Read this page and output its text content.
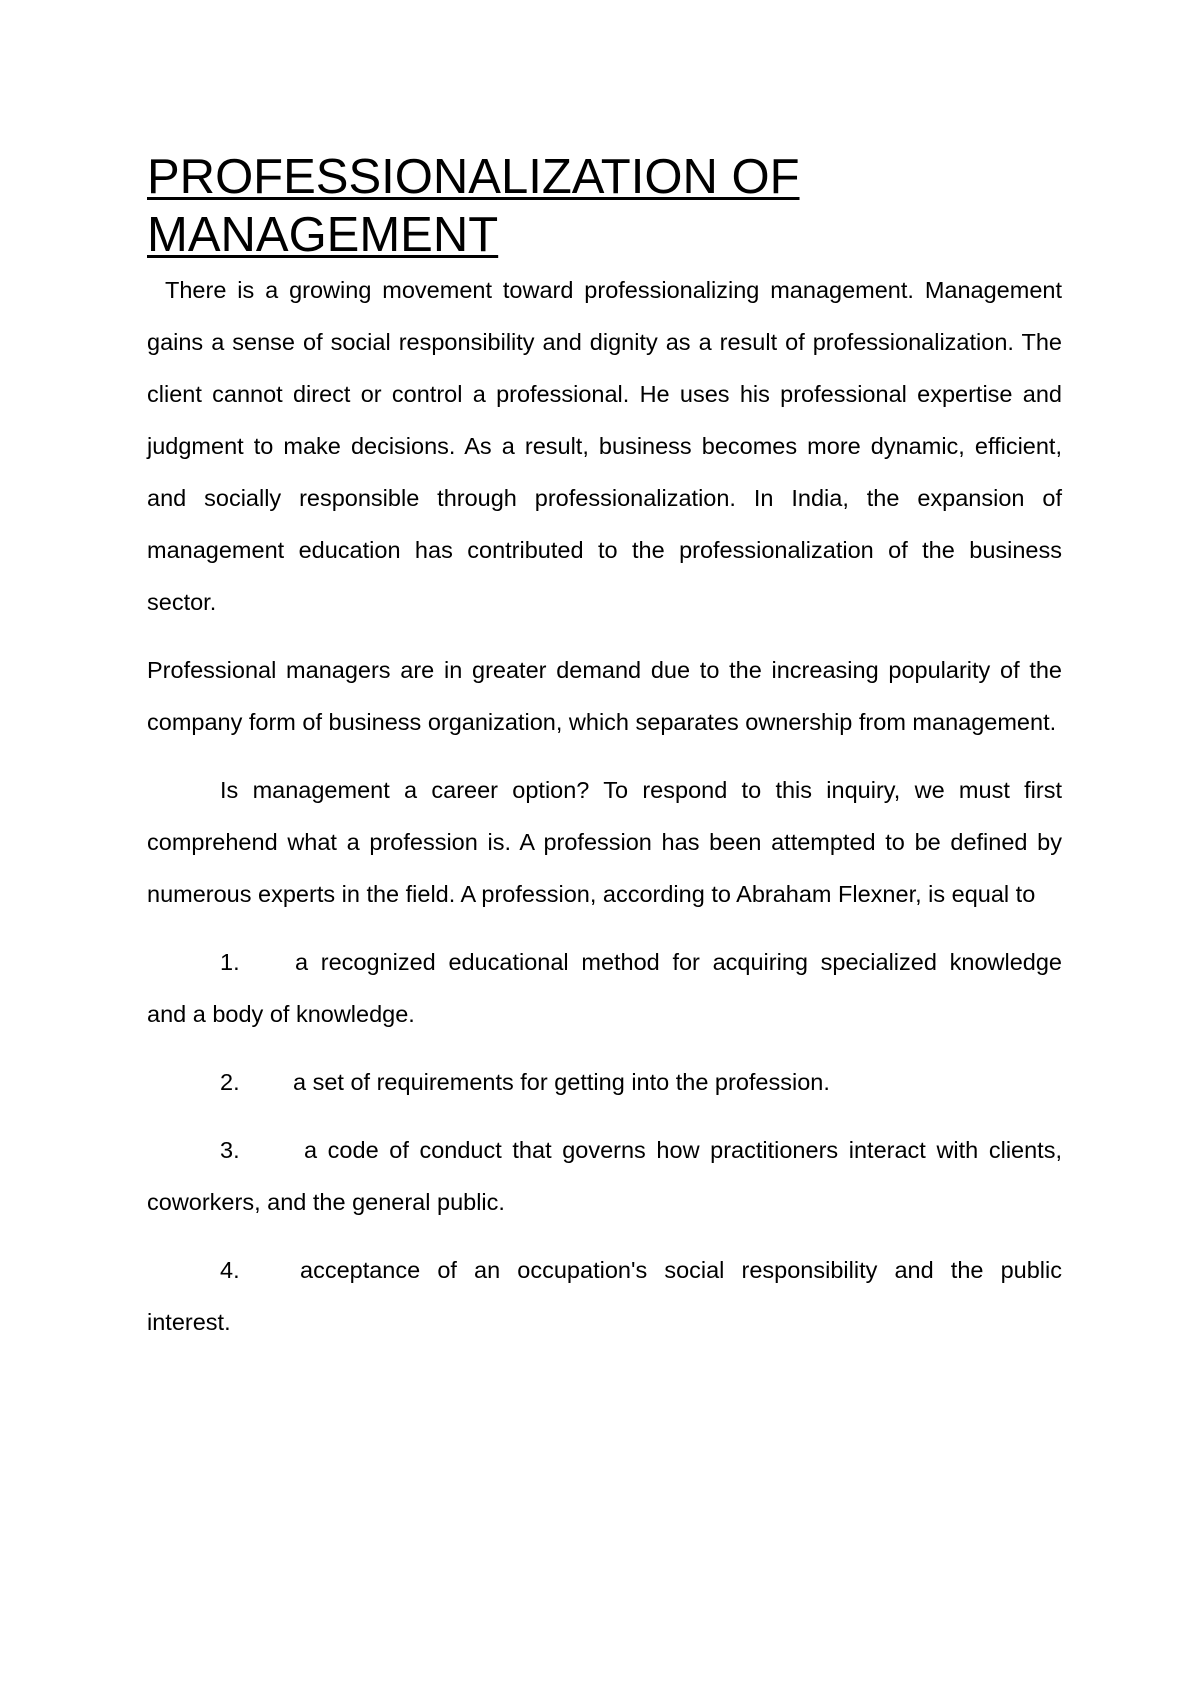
PROFESSIONALIZATION OF
MANAGEMENT

There is a growing movement toward professionalizing management. Management gains a sense of social responsibility and dignity as a result of professionalization. The client cannot direct or control a professional. He uses his professional expertise and judgment to make decisions. As a result, business becomes more dynamic, efficient, and socially responsible through professionalization. In India, the expansion of management education has contributed to the professionalization of the business sector.

Professional managers are in greater demand due to the increasing popularity of the company form of business organization, which separates ownership from management.

Is management a career option? To respond to this inquiry, we must first comprehend what a profession is. A profession has been attempted to be defined by numerous experts in the field. A profession, according to Abraham Flexner, is equal to

1. a recognized educational method for acquiring specialized knowledge and a body of knowledge.

2. a set of requirements for getting into the profession.

3.	a code of conduct that governs how practitioners interact with clients, coworkers, and the general public.

4.	acceptance of an occupation's social responsibility and the public interest.
